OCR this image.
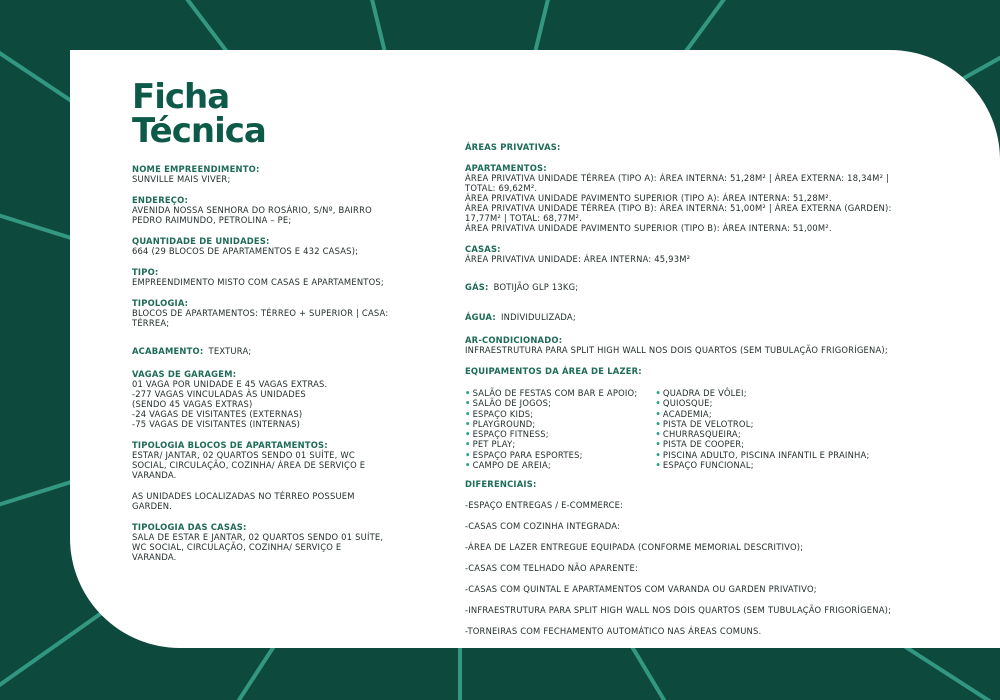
Ficha
Técnica
NOME EMPREENDIMENTO:
SUNVILLE MAIS VIVER;
ENDEREÇO:
AVENIDA NOSSA SENHORA DO ROSÁRIO, S/Nº, BAIRRO
PEDRO RAIMUNDO, PETROLINA – PE;
QUANTIDADE DE UNIDADES:
664 (29 BLOCOS DE APARTAMENTOS E 432 CASAS);
TIPO:
EMPREENDIMENTO MISTO COM CASAS E APARTAMENTOS;
TIPOLOGIA:
BLOCOS DE APARTAMENTOS: TÉRREO + SUPERIOR | CASA:
TÉRREA;
ACABAMENTO: TEXTURA;
VAGAS DE GARAGEM:
01 VAGA POR UNIDADE E 45 VAGAS EXTRAS.
-277 VAGAS VINCULADAS ÀS UNIDADES
(SENDO 45 VAGAS EXTRAS)
-24 VAGAS DE VISITANTES (EXTERNAS)
-75 VAGAS DE VISITANTES (INTERNAS)
TIPOLOGIA BLOCOS DE APARTAMENTOS:
ESTAR/ JANTAR, 02 QUARTOS SENDO 01 SUÍTE, WC
SOCIAL, CIRCULAÇÃO, COZINHA/ ÁREA DE SERVIÇO E
VARANDA.
AS UNIDADES LOCALIZADAS NO TÉRREO POSSUEM
GARDEN.
TIPOLOGIA DAS CASAS:
SALA DE ESTAR E JANTAR, 02 QUARTOS SENDO 01 SUÍTE,
WC SOCIAL, CIRCULAÇÃO, COZINHA/ SERVIÇO E
VARANDA.
ÁREAS PRIVATIVAS:
APARTAMENTOS:
ÁREA PRIVATIVA UNIDADE TÉRREA (TIPO A): ÁREA INTERNA: 51,28M² | ÁREA EXTERNA: 18,34M² |
TOTAL: 69,62M².
ÁREA PRIVATIVA UNIDADE PAVIMENTO SUPERIOR (TIPO A): ÁREA INTERNA: 51,28M².
ÁREA PRIVATIVA UNIDADE TÉRREA (TIPO B): ÁREA INTERNA: 51,00M² | ÁREA EXTERNA (GARDEN):
17,77M² | TOTAL: 68,77M².
ÁREA PRIVATIVA UNIDADE PAVIMENTO SUPERIOR (TIPO B): ÁREA INTERNA: 51,00M².
CASAS:
ÁREA PRIVATIVA UNIDADE: ÁREA INTERNA: 45,93M²
GÁS: BOTIJÃO GLP 13KG;
ÁGUA: INDIVIDULIZADA;
AR-CONDICIONADO:
INFRAESTRUTURA PARA SPLIT HIGH WALL NOS DOIS QUARTOS (SEM TUBULAÇÃO FRIGORÍGENA);
EQUIPAMENTOS DA ÁREA DE LAZER:
• SALÃO DE FESTAS COM BAR E APOIO;
• SALÃO DE JOGOS;
• ESPAÇO KIDS;
• PLAYGROUND;
• ESPAÇO FITNESS;
• PET PLAY;
• ESPAÇO PARA ESPORTES;
• CAMPO DE AREIA;
• QUADRA DE VÔLEI;
• QUIOSQUE;
• ACADEMIA;
• PISTA DE VELOTROL;
• CHURRASQUEIRA;
• PISTA DE COOPER;
• PISCINA ADULTO, PISCINA INFANTIL E PRAINHA;
• ESPAÇO FUNCIONAL;
DIFERENCIAIS:
-ESPAÇO ENTREGAS / E-COMMERCE:
-CASAS COM COZINHA INTEGRADA:
-ÁREA DE LAZER ENTREGUE EQUIPADA (CONFORME MEMORIAL DESCRITIVO);
-CASAS COM TELHADO NÃO APARENTE:
-CASAS COM QUINTAL E APARTAMENTOS COM VARANDA OU GARDEN PRIVATIVO;
-INFRAESTRUTURA PARA SPLIT HIGH WALL NOS DOIS QUARTOS (SEM TUBULAÇÃO FRIGORÍGENA);
-TORNEIRAS COM FECHAMENTO AUTOMÁTICO NAS ÁREAS COMUNS.
